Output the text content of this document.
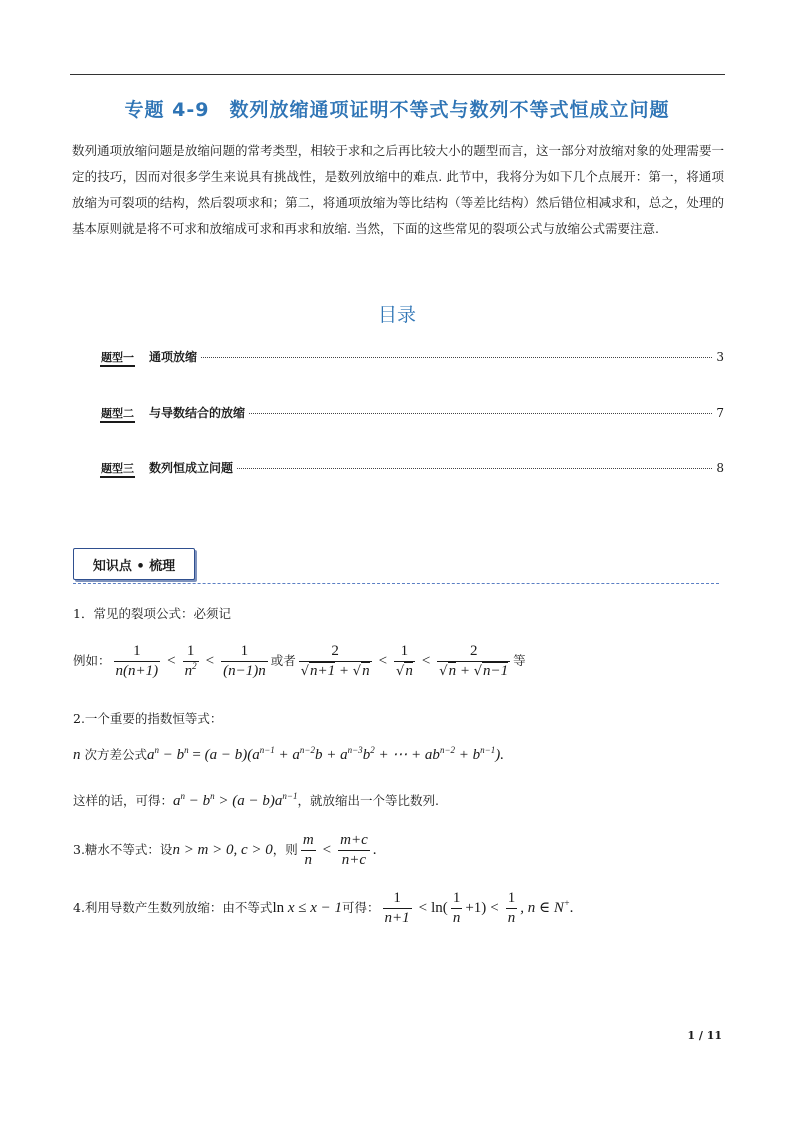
专题 4-9　数列放缩通项证明不等式与数列不等式恒成立问题
数列通项放缩问题是放缩问题的常考类型，相较于求和之后再比较大小的题型而言，这一部分对放缩对象的处理需要一定的技巧，因而对很多学生来说具有挑战性，是数列放缩中的难点. 此节中，我将分为如下几个点展开：第一，将通项放缩为可裂项的结构，然后裂项求和；第二，将通项放缩为等比结构（等差比结构）然后错位相减求和，总之，处理的基本原则就是将不可求和放缩成可求和再求和放缩. 当然，下面的这些常见的裂项公式与放缩公式需要注意.
目录
题型一 通项放缩	3
题型二 与导数结合的放缩	7
题型三 数列恒成立问题	8
知识点 • 梳理
1．常见的裂项公式：必须记
例如： $\frac{1}{n(n+1)} < \frac{1}{n^2} < \frac{1}{(n-1)n}$ 或者 $\frac{2}{√n+1 + √n} < \frac{1}{√n} < \frac{2}{√n + √n-1}$ 等
2.一个重要的指数恒等式：
n 次方差公式$a^n - b^n = (a - b)(a^{n-1} + a^{n-2}b + a^{n-3}b^2$ + ⋯ + $ab^{n-2} + b^{n-1}$).
这样的话，可得：$a^n - b^n > (a - b)a^{n-1}$，就放缩出一个等比数列.
3.糖水不等式：设n > m > 0, c > 0，则 $\frac{m}{n} < \frac{m+c}{n+c}$ .
4.利用导数产生数列放缩：由不等式ln x ≤ x − 1可得： $\frac{1}{n+1} < \ln( \frac{1}{n} +1) < \frac{1}{n}$ , n ∈ N+.
1 / 11
